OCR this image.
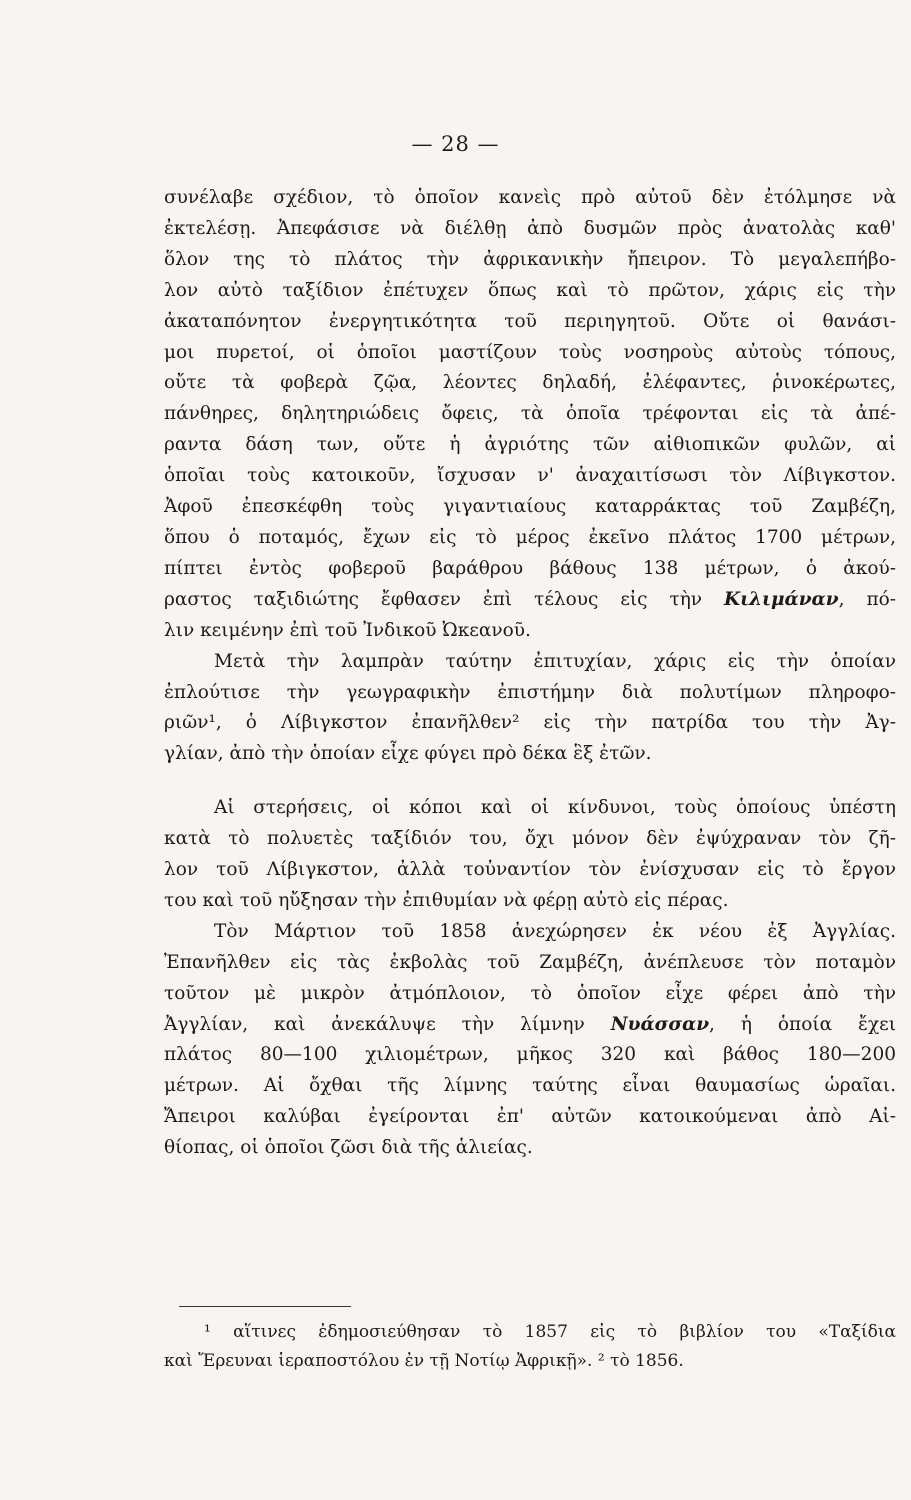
— 28 —
συνέλαβε σχέδιον, τὸ ὁποῖον κανεὶς πρὸ αὐτοῦ δὲν ἐτόλμησε νὰ
ἐκτελέσῃ. Ἀπεφάσισε νὰ διέλθῃ ἀπὸ δυσμῶν πρὸς ἀνατολὰς καθ'
ὅλον της τὸ πλάτος τὴν ἀφρικανικὴν ἤπειρον. Τὸ μεγαλεπήβο-
λον αὐτὸ ταξίδιον ἐπέτυχεν ὅπως καὶ τὸ πρῶτον, χάρις εἰς τὴν
ἀκαταπόνητον ἐνεργητικότητα τοῦ περιηγητοῦ. Οὔτε οἱ θανάσι-
μοι πυρετοί, οἱ ὁποῖοι μαστίζουν τοὺς νοσηροὺς αὐτοὺς τόπους,
οὔτε τὰ φοβερὰ ζῷα, λέοντες δηλαδή, ἐλέφαντες, ῥινοκέρωτες,
πάνθηρες, δηλητηριώδεις ὄφεις, τὰ ὁποῖα τρέφονται εἰς τὰ ἀπέ-
ραντα δάση των, οὔτε ἡ ἀγριότης τῶν αἰθιοπικῶν φυλῶν, αἱ
ὁποῖαι τοὺς κατοικοῦν, ἴσχυσαν ν' ἀναχαιτίσωσι τὸν Λίβιγκστον.
Ἀφοῦ ἐπεσκέφθη τοὺς γιγαντιαίους καταρράκτας τοῦ Ζαμβέζη,
ὅπου ὁ ποταμός, ἔχων εἰς τὸ μέρος ἐκεῖνο πλάτος 1700 μέτρων,
πίπτει ἐντὸς φοβεροῦ βαράθρου βάθους 138 μέτρων, ὁ ἀκού-
ραστος ταξιδιώτης ἔφθασεν ἐπὶ τέλους εἰς τὴν Κιλιμάναν, πό-
λιν κειμένην ἐπὶ τοῦ Ἰνδικοῦ Ὠκεανοῦ.
Μετὰ τὴν λαμπρὰν ταύτην ἐπιτυχίαν, χάρις εἰς τὴν ὁποίαν
ἐπλούτισε τὴν γεωγραφικὴν ἐπιστήμην διὰ πολυτίμων πληροφο-
ριῶν¹, ὁ Λίβιγκστον ἐπανῆλθεν² εἰς τὴν πατρίδα του τὴν Ἀγ-
γλίαν, ἀπὸ τὴν ὁποίαν εἶχε φύγει πρὸ δέκα ἓξ ἐτῶν.
Αἱ στερήσεις, οἱ κόποι καὶ οἱ κίνδυνοι, τοὺς ὁποίους ὑπέστη
κατὰ τὸ πολυετὲς ταξίδιόν του, ὄχι μόνον δὲν ἐψύχραναν τὸν ζῆ-
λον τοῦ Λίβιγκστον, ἀλλὰ τοὐναντίον τὸν ἐνίσχυσαν εἰς τὸ ἔργον
του καὶ τοῦ ηὔξησαν τὴν ἐπιθυμίαν νὰ φέρῃ αὐτὸ εἰς πέρας.
Τὸν Μάρτιον τοῦ 1858 ἀνεχώρησεν ἐκ νέου ἐξ Ἀγγλίας.
Ἐπανῆλθεν εἰς τὰς ἐκβολὰς τοῦ Ζαμβέζη, ἀνέπλευσε τὸν ποταμὸν
τοῦτον μὲ μικρὸν ἀτμόπλοιον, τὸ ὁποῖον εἶχε φέρει ἀπὸ τὴν
Ἀγγλίαν, καὶ ἀνεκάλυψε τὴν λίμνην Νυάσσαν, ἡ ὁποία ἔχει
πλάτος 80—100 χιλιομέτρων, μῆκος 320 καὶ βάθος 180—200
μέτρων. Αἱ ὄχθαι τῆς λίμνης ταύτης εἶναι θαυμασίως ὡραῖαι.
Ἄπειροι καλύβαι ἐγείρονται ἐπ' αὐτῶν κατοικούμεναι ἀπὸ Αἰ-
θίοπας, οἱ ὁποῖοι ζῶσι διὰ τῆς ἁλιείας.
¹ αἵτινες ἐδημοσιεύθησαν τὸ 1857 εἰς τὸ βιβλίον του «Ταξίδια
καὶ Ἔρευναι ἱεραποστόλου ἐν τῇ Νοτίῳ Ἀφρικῇ». ² τὸ 1856.
